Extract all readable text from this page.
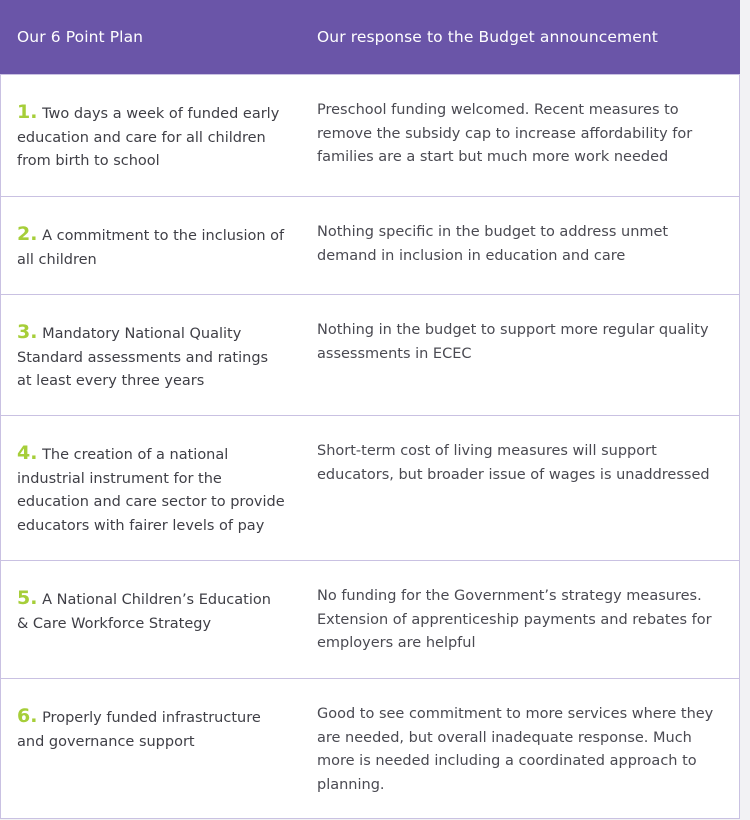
Our 6 Point Plan	Our response to the Budget announcement
1. Two days a week of funded early education and care for all children from birth to school
Preschool funding welcomed. Recent measures to remove the subsidy cap to increase affordability for families are a start but much more work needed
2. A commitment to the inclusion of all children
Nothing specific in the budget to address unmet demand in inclusion in education and care
3. Mandatory National Quality Standard assessments and ratings at least every three years
Nothing in the budget to support more regular quality assessments in ECEC
4. The creation of a national industrial instrument for the education and care sector to provide educators with fairer levels of pay
Short-term cost of living measures will support educators, but broader issue of wages is unaddressed
5. A National Children’s Education & Care Workforce Strategy
No funding for the Government’s strategy measures. Extension of apprenticeship payments and rebates for employers are helpful
6. Properly funded infrastructure and governance support
Good to see commitment to more services where they are needed, but overall inadequate response. Much more is needed including a coordinated approach to planning.
